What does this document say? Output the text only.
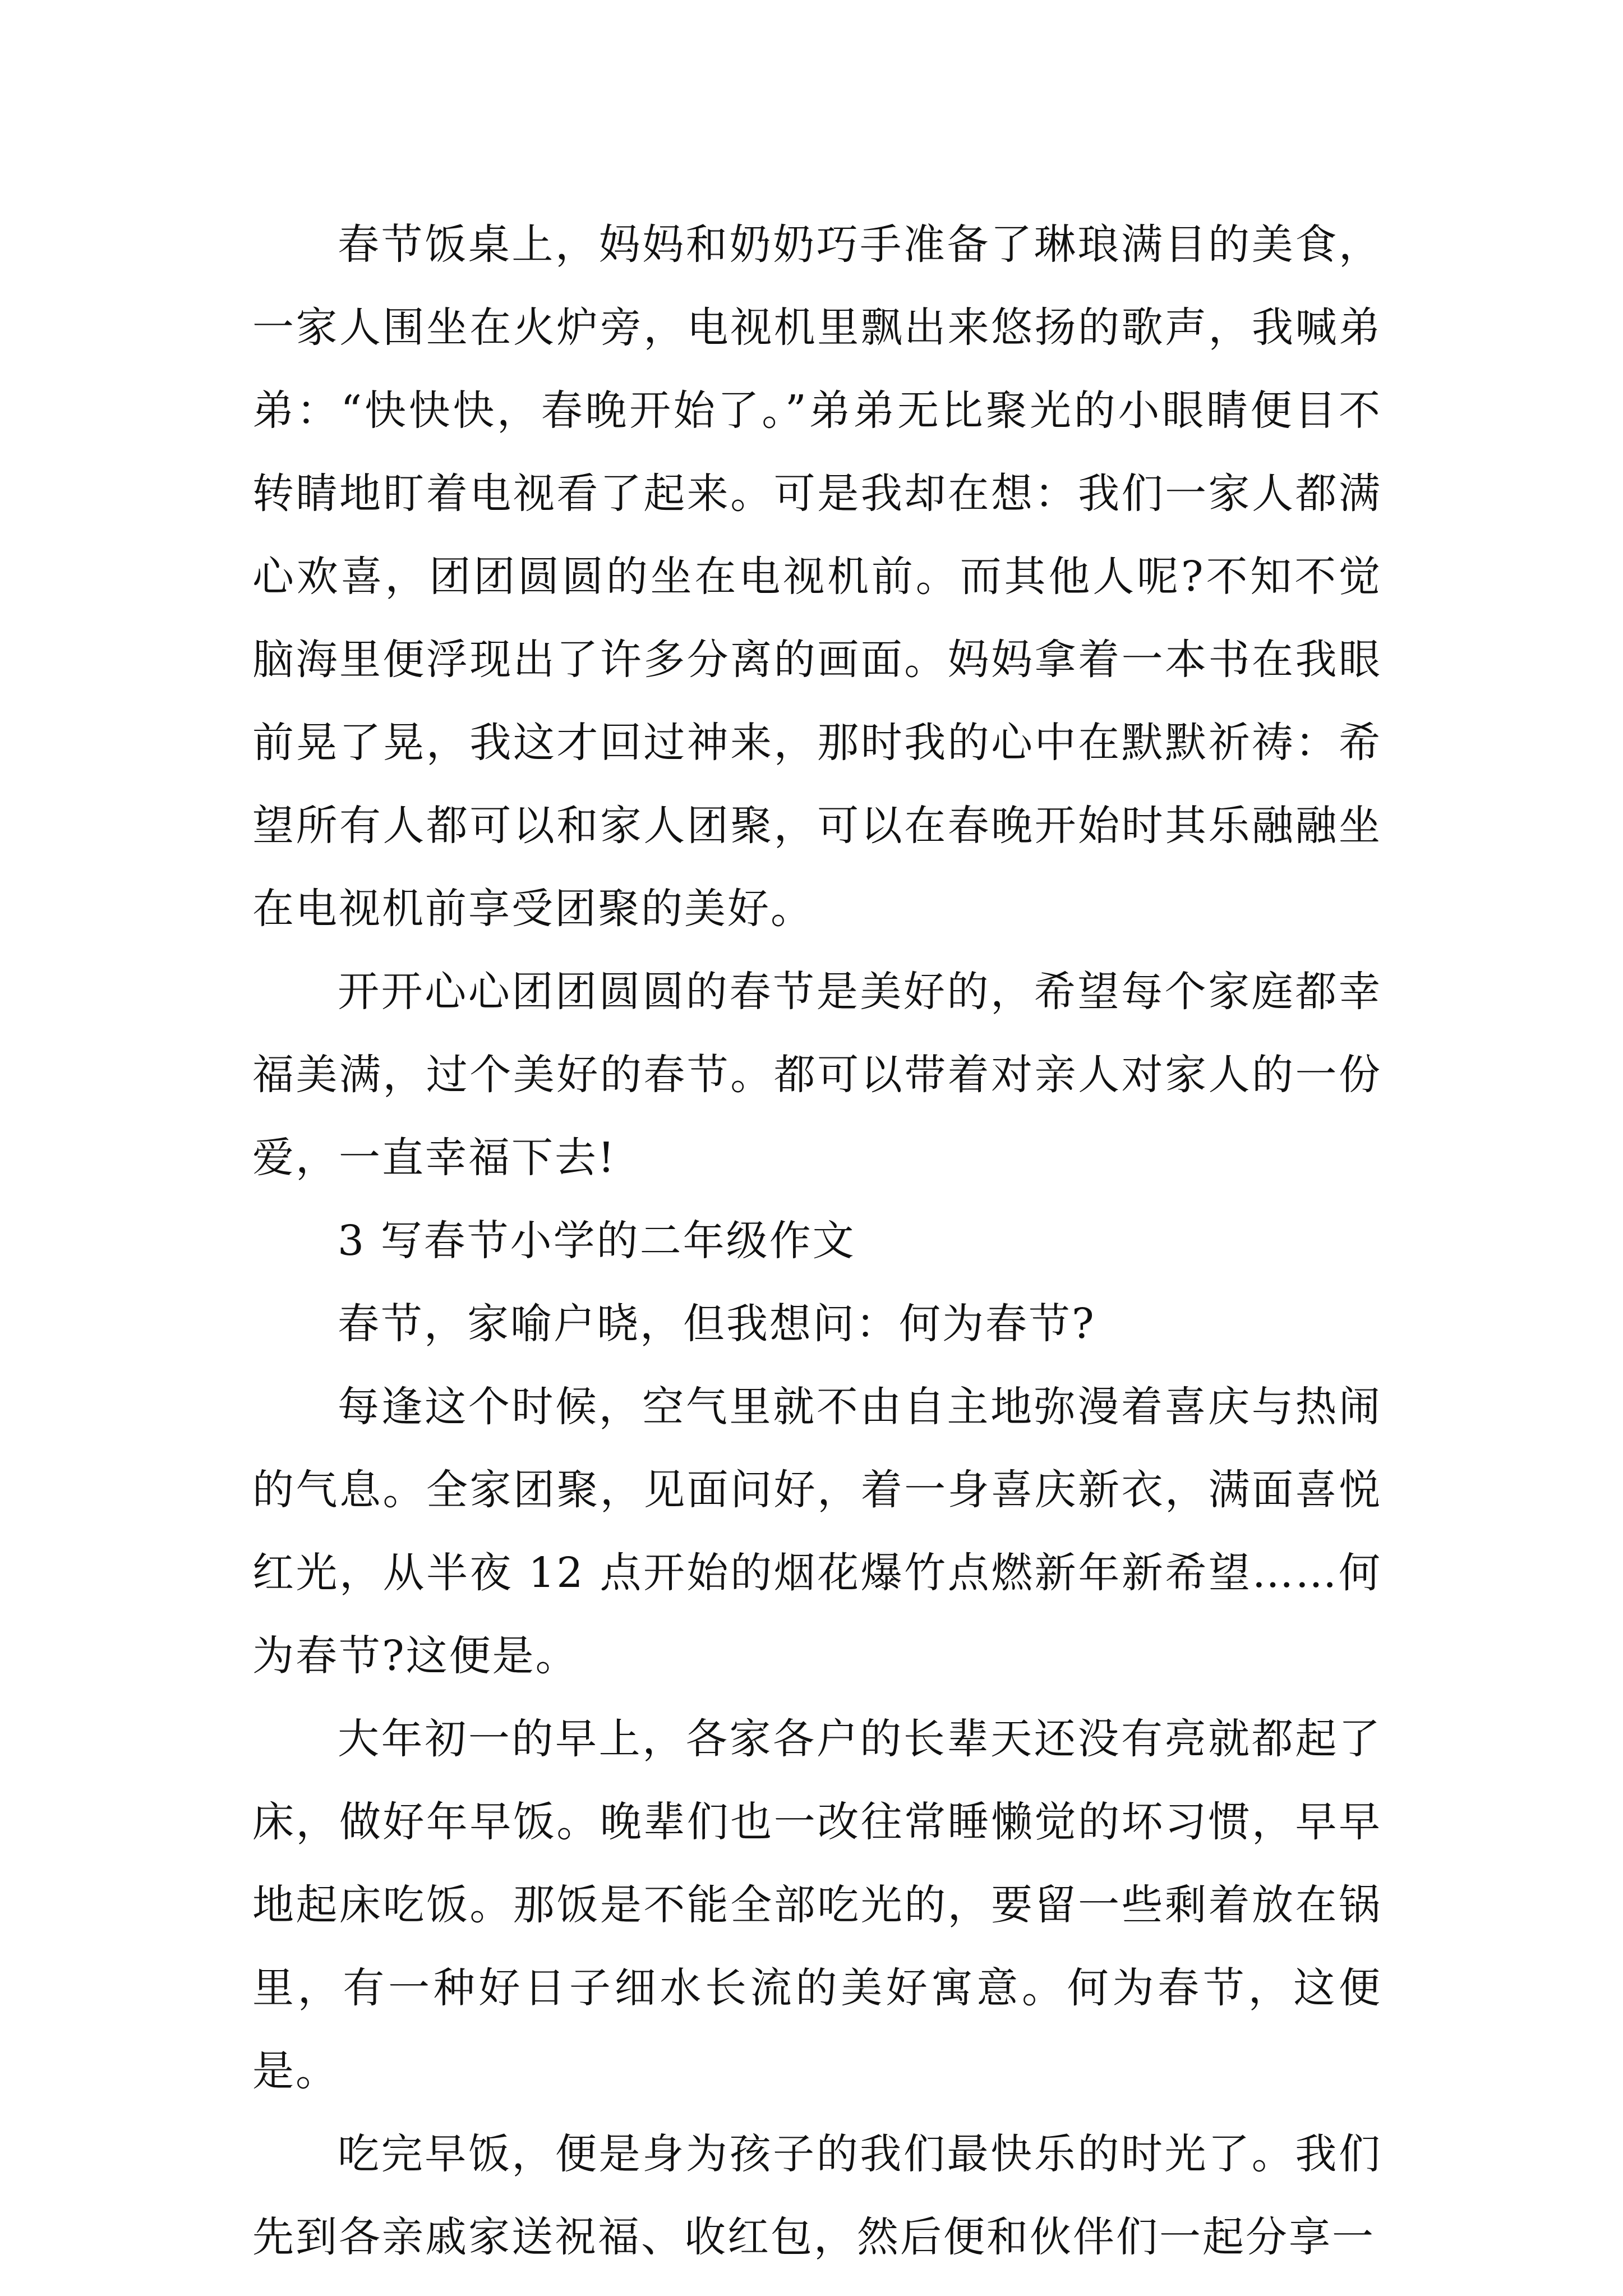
春节饭桌上，妈妈和奶奶巧手准备了琳琅满目的美食，一家人围坐在火炉旁，电视机里飘出来悠扬的歌声，我喊弟弟：“快快快，春晚开始了。”弟弟无比聚光的小眼睛便目不转睛地盯着电视看了起来。可是我却在想：我们一家人都满心欢喜，团团圆圆的坐在电视机前。而其他人呢?不知不觉脑海里便浮现出了许多分离的画面。妈妈拿着一本书在我眼前晃了晃，我这才回过神来，那时我的心中在默默祈祷：希望所有人都可以和家人团聚，可以在春晚开始时其乐融融坐在电视机前享受团聚的美好。

开开心心团团圆圆的春节是美好的，希望每个家庭都幸福美满，过个美好的春节。都可以带着对亲人对家人的一份爱，一直幸福下去!

3 写春节小学的二年级作文

春节，家喻户晓，但我想问：何为春节?

每逢这个时候，空气里就不由自主地弥漫着喜庆与热闹的气息。全家团聚，见面问好，着一身喜庆新衣，满面喜悦红光，从半夜 12 点开始的烟花爆竹点燃新年新希望……何为春节?这便是。

大年初一的早上，各家各户的长辈天还没有亮就都起了床，做好年早饭。晚辈们也一改往常睡懒觉的坏习惯，早早地起床吃饭。那饭是不能全部吃光的，要留一些剩着放在锅里，有一种好日子细水长流的美好寓意。何为春节，这便是。

吃完早饭，便是身为孩子的我们最快乐的时光了。我们先到各亲戚家送祝福、收红包，然后便和伙伴们一起分享一
